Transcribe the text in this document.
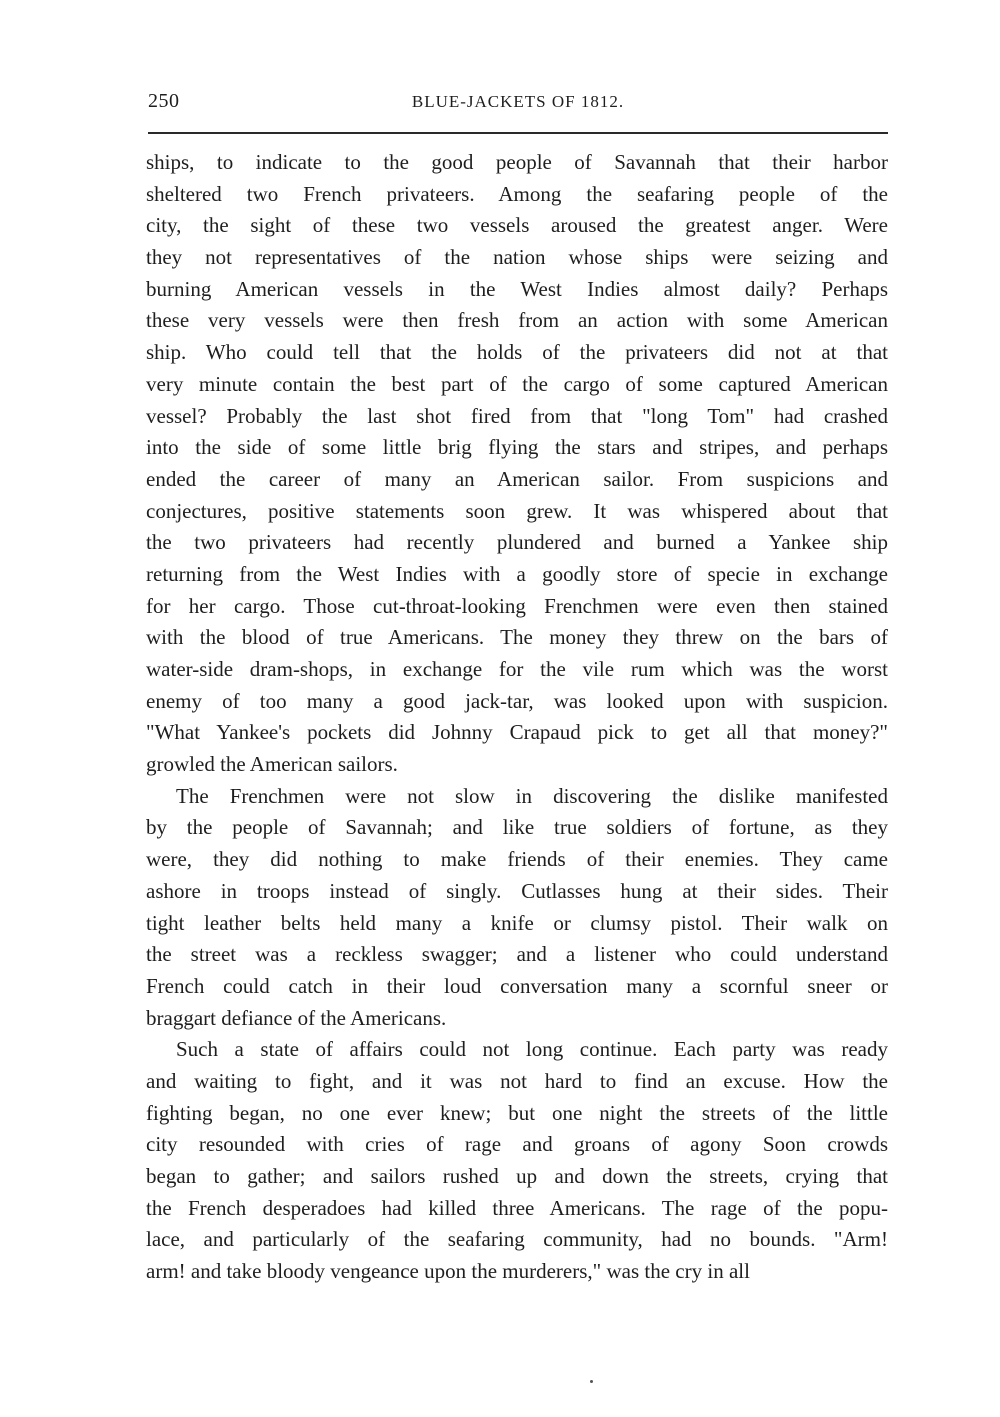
250	BLUE-JACKETS OF 1812.
ships, to indicate to the good people of Savannah that their harbor
sheltered two French privateers. Among the seafaring people of the
city, the sight of these two vessels aroused the greatest anger. Were
they not representatives of the nation whose ships were seizing and
burning American vessels in the West Indies almost daily? Perhaps
these very vessels were then fresh from an action with some American
ship. Who could tell that the holds of the privateers did not at that
very minute contain the best part of the cargo of some captured American
vessel? Probably the last shot fired from that "long Tom" had crashed
into the side of some little brig flying the stars and stripes, and perhaps
ended the career of many an American sailor. From suspicions and
conjectures, positive statements soon grew. It was whispered about that
the two privateers had recently plundered and burned a Yankee ship
returning from the West Indies with a goodly store of specie in exchange
for her cargo. Those cut-throat-looking Frenchmen were even then stained
with the blood of true Americans. The money they threw on the bars of
water-side dram-shops, in exchange for the vile rum which was the worst
enemy of too many a good jack-tar, was looked upon with suspicion.
"What Yankee's pockets did Johnny Crapaud pick to get all that money?"
growled the American sailors.
The Frenchmen were not slow in discovering the dislike manifested
by the people of Savannah; and like true soldiers of fortune, as they
were, they did nothing to make friends of their enemies. They came
ashore in troops instead of singly. Cutlasses hung at their sides. Their
tight leather belts held many a knife or clumsy pistol. Their walk on
the street was a reckless swagger; and a listener who could understand
French could catch in their loud conversation many a scornful sneer or
braggart defiance of the Americans.
Such a state of affairs could not long continue. Each party was ready
and waiting to fight, and it was not hard to find an excuse. How the
fighting began, no one ever knew; but one night the streets of the little
city resounded with cries of rage and groans of agony Soon crowds
began to gather; and sailors rushed up and down the streets, crying that
the French desperadoes had killed three Americans. The rage of the popu-
lace, and particularly of the seafaring community, had no bounds. "Arm!
arm! and take bloody vengeance upon the murderers," was the cry in all
